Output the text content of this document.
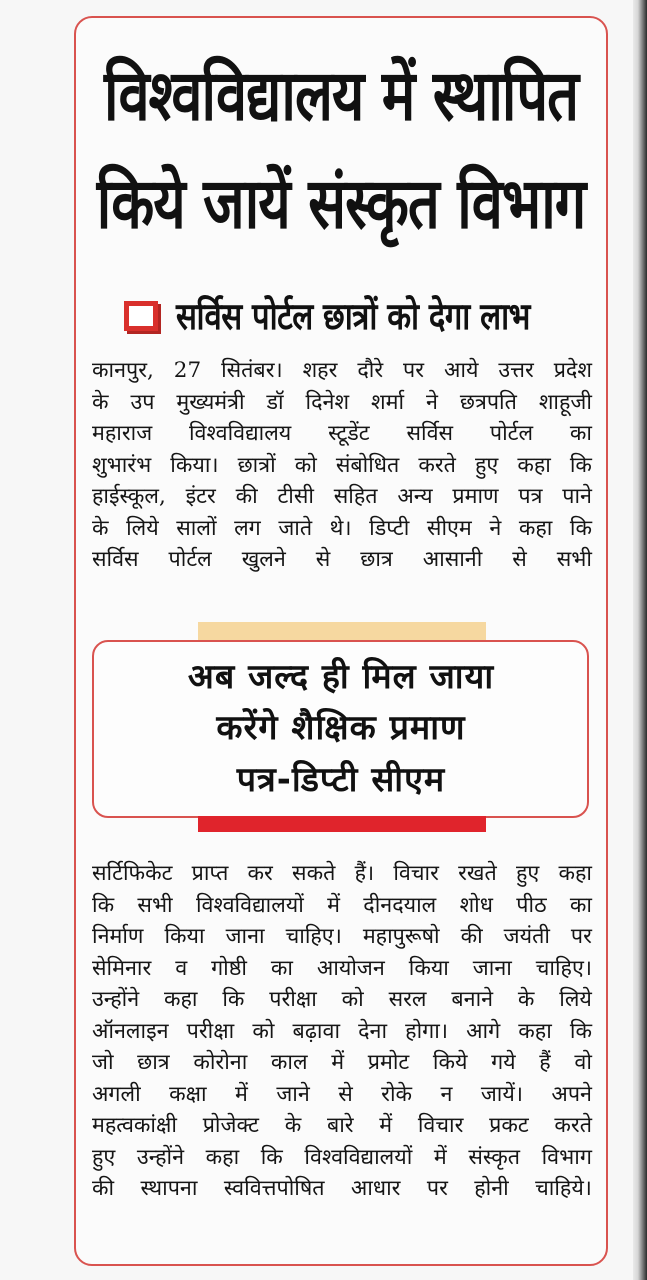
विश्वविद्यालय में स्थापित
किये जायें संस्कृत विभाग
सर्विस पोर्टल छात्रों को देगा लाभ
कानपुर, 27 सितंबर। शहर दौरे पर आये उत्तर प्रदेश
के उप मुख्यमंत्री डॉ दिनेश शर्मा ने छत्रपति शाहूजी
महाराज विश्वविद्यालय स्टूडेंट सर्विस पोर्टल का
शुभारंभ किया। छात्रों को संबोधित करते हुए कहा कि
हाईस्कूल, इंटर की टीसी सहित अन्य प्रमाण पत्र पाने
के लिये सालों लग जाते थे। डिप्टी सीएम ने कहा कि
सर्विस पोर्टल खुलने से छात्र आसानी से सभी
अब जल्द ही मिल जाया
करेंगे शैक्षिक प्रमाण
पत्र-डिप्टी सीएम
सर्टिफिकेट प्राप्त कर सकते हैं। विचार रखते हुए कहा
कि सभी विश्वविद्यालयों में दीनदयाल शोध पीठ का
निर्माण किया जाना चाहिए। महापुरूषो की जयंती पर
सेमिनार व गोष्ठी का आयोजन किया जाना चाहिए।
उन्होंने कहा कि परीक्षा को सरल बनाने के लिये
ऑनलाइन परीक्षा को बढ़ावा देना होगा। आगे कहा कि
जो छात्र कोरोना काल में प्रमोट किये गये हैं वो
अगली कक्षा में जाने से रोके न जायें। अपने
महत्वकांक्षी प्रोजेक्ट के बारे में विचार प्रकट करते
हुए उन्होंने कहा कि विश्वविद्यालयों में संस्कृत विभाग
की स्थापना स्ववित्तपोषित आधार पर होनी चाहिये।
